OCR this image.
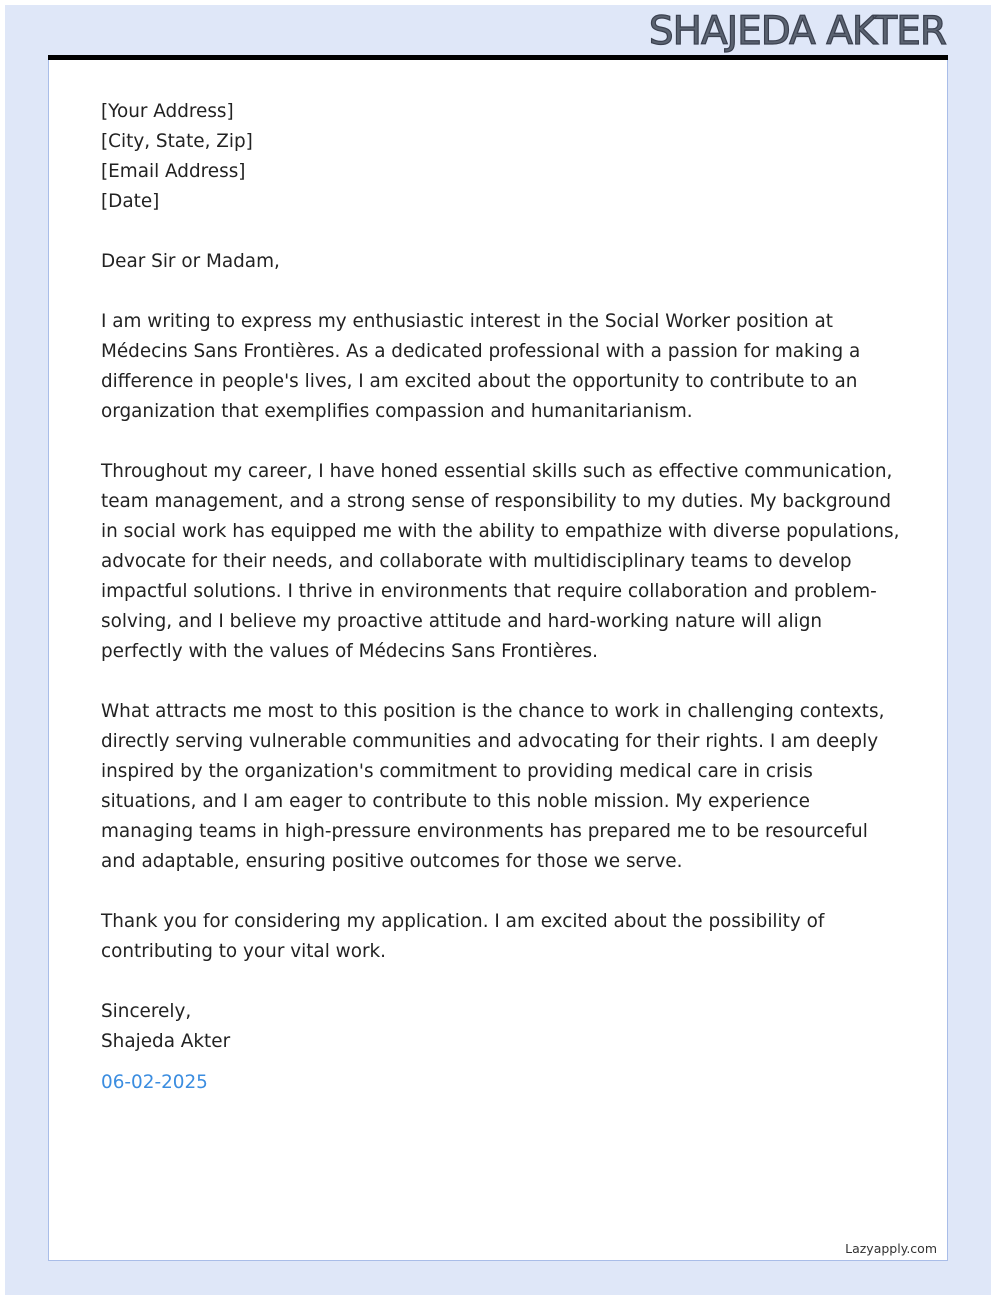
SHAJEDA AKTER

[Your Address]
[City, State, Zip]
[Email Address]
[Date]

Dear Sir or Madam,

I am writing to express my enthusiastic interest in the Social Worker position at Médecins Sans Frontières. As a dedicated professional with a passion for making a difference in people's lives, I am excited about the opportunity to contribute to an organization that exemplifies compassion and humanitarianism.

Throughout my career, I have honed essential skills such as effective communication, team management, and a strong sense of responsibility to my duties. My background in social work has equipped me with the ability to empathize with diverse populations, advocate for their needs, and collaborate with multidisciplinary teams to develop impactful solutions. I thrive in environments that require collaboration and problem-solving, and I believe my proactive attitude and hard-working nature will align perfectly with the values of Médecins Sans Frontières.

What attracts me most to this position is the chance to work in challenging contexts, directly serving vulnerable communities and advocating for their rights. I am deeply inspired by the organization's commitment to providing medical care in crisis situations, and I am eager to contribute to this noble mission. My experience managing teams in high-pressure environments has prepared me to be resourceful and adaptable, ensuring positive outcomes for those we serve.

Thank you for considering my application. I am excited about the possibility of contributing to your vital work.

Sincerely,
Shajeda Akter

06-02-2025
Lazyapply.com
